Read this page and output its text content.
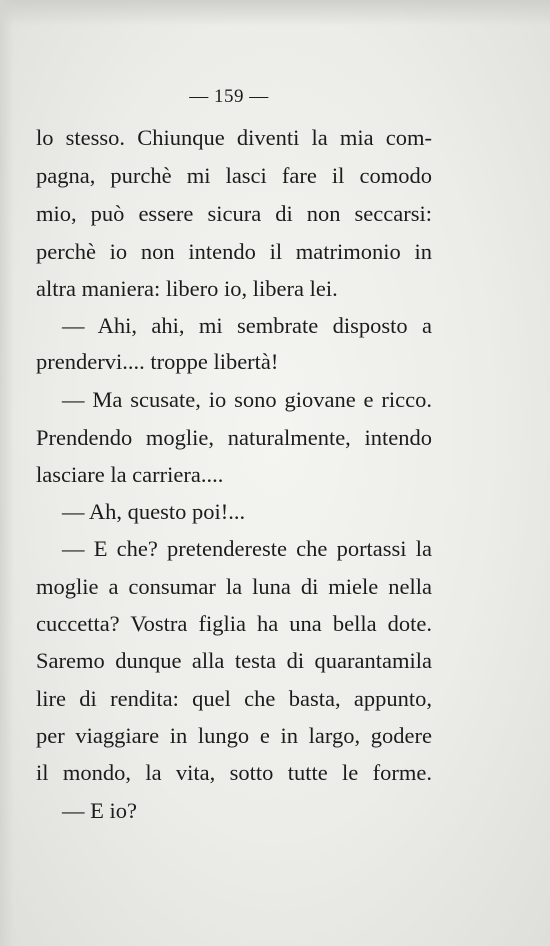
— 159 —
lo stesso. Chiunque diventi la mia com-
pagna, purchè mi lasci fare il comodo
mio, può essere sicura di non seccarsi:
perchè io non intendo il matrimonio in
altra maniera: libero io, libera lei.
— Ahi, ahi, mi sembrate disposto a
prendervi.... troppe libertà!
— Ma scusate, io sono giovane e ricco.
Prendendo moglie, naturalmente, intendo
lasciare la carriera....
— Ah, questo poi!...
— E che? pretendereste che portassi la
moglie a consumar la luna di miele nella
cuccetta? Vostra figlia ha una bella dote.
Saremo dunque alla testa di quarantamila
lire di rendita: quel che basta, appunto,
per viaggiare in lungo e in largo, godere
il mondo, la vita, sotto tutte le forme.
— E io?
